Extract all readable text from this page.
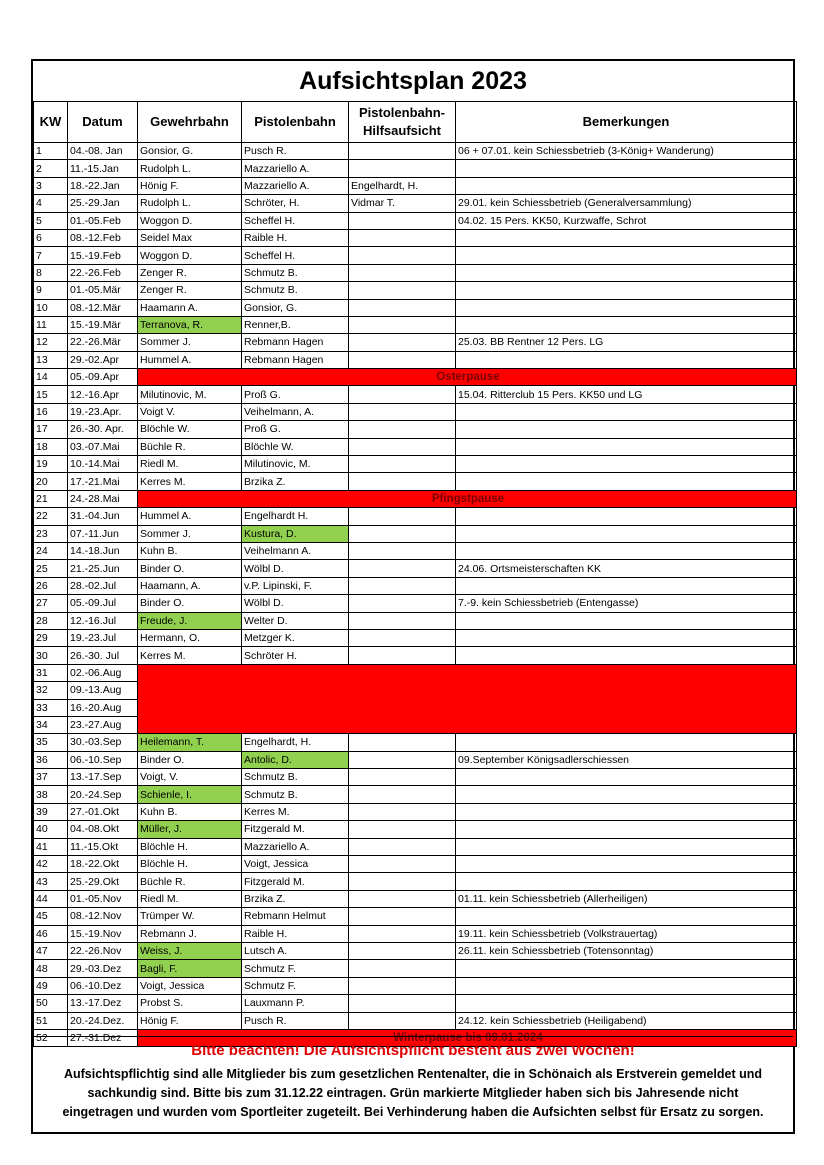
Aufsichtsplan 2023
KW	Datum	Gewehrbahn	Pistolenbahn	Pistolenbahn-
Hilfsaufsicht	Bemerkungen
1	04.-08. Jan	Gonsior, G.	Pusch R.		06 + 07.01. kein Schiessbetrieb (3-König+ Wanderung)
2	11.-15.Jan	Rudolph L.	Mazzariello A.		
3	18.-22.Jan	Hönig F.	Mazzariello A.	Engelhardt, H.	
4	25.-29.Jan	Rudolph L.	Schröter, H.	Vidmar T.	29.01. kein Schiessbetrieb (Generalversammlung)
5	01.-05.Feb	Woggon D.	Scheffel H.		04.02. 15 Pers. KK50, Kurzwaffe, Schrot
6	08.-12.Feb	Seidel Max	Raible H.		
7	15.-19.Feb	Woggon D.	Scheffel H.		
8	22.-26.Feb	Zenger R.	Schmutz B.		
9	01.-05.Mär	Zenger R.	Schmutz B.		
10	08.-12.Mär	Haamann A.	Gonsior, G.		
11	15.-19.Mär	Terranova, R.	Renner,B.		
12	22.-26.Mär	Sommer J.	Rebmann Hagen		25.03. BB Rentner 12 Pers. LG
13	29.-02.Apr	Hummel A.	Rebmann Hagen		
14	05.-09.Apr	Osterpause			
15	12.-16.Apr	Milutinovic, M.	Proß G.		15.04. Ritterclub 15 Pers. KK50 und LG
16	19.-23.Apr.	Voigt V.	Veihelmann, A.		
17	26.-30. Apr.	Blöchle W.	Proß G.		
18	03.-07.Mai	Büchle R.	Blöchle W.		
19	10.-14.Mai	Riedl M.	Milutinovic, M.		
20	17.-21.Mai	Kerres M.	Brzika Z.		
21	24.-28.Mai	Pfingstpause			
22	31.-04.Jun	Hummel A.	Engelhardt H.		
23	07.-11.Jun	Sommer J.	Kustura, D.		
24	14.-18.Jun	Kuhn B.	Veihelmann A.		
25	21.-25.Jun	Binder O.	Wölbl D.		24.06. Ortsmeisterschaften KK
26	28.-02.Jul	Haamann, A.	v.P. Lipinski, F.		
27	05.-09.Jul	Binder O.	Wölbl D.		7.-9. kein Schiessbetrieb (Entengasse)
28	12.-16.Jul	Freude, J.	Welter D.		
29	19.-23.Jul	Hermann, O.	Metzger K.		
30	26.-30. Jul	Kerres M.	Schröter H.		
31	02.-06.Aug				
32	09.-13.Aug				
33	16.-20.Aug				
34	23.-27.Aug				
35	30.-03.Sep	Heilemann, T.	Engelhardt, H.		
36	06.-10.Sep	Binder O.	Antolic, D.		09.September Königsadlerschiessen
37	13.-17.Sep	Voigt, V.	Schmutz B.		
38	20.-24.Sep	Schienle, I.	Schmutz B.		
39	27.-01.Okt	Kuhn B.	Kerres M.		
40	04.-08.Okt	Müller, J.	Fitzgerald M.		
41	11.-15.Okt	Blöchle H.	Mazzariello A.		
42	18.-22.Okt	Blöchle H.	Voigt, Jessica		
43	25.-29.Okt	Büchle R.	Fitzgerald M.		
44	01.-05.Nov	Riedl M.	Brzika Z.		01.11. kein Schiessbetrieb (Allerheiligen)
45	08.-12.Nov	Trümper W.	Rebmann Helmut		
46	15.-19.Nov	Rebmann J.	Raible H.		19.11. kein Schiessbetrieb (Volkstrauertag)
47	22.-26.Nov	Weiss, J.	Lutsch A.		26.11. kein Schiessbetrieb (Totensonntag)
48	29.-03.Dez	Bagli, F.	Schmutz F.		
49	06.-10.Dez	Voigt, Jessica	Schmutz F.		
50	13.-17.Dez	Probst S.	Lauxmann P.		
51	20.-24.Dez.	Hönig F.	Pusch R.		24.12. kein Schiessbetrieb (Heiligabend)
52	27.-31.Dez	Winterpause bis 09.01.2024			
Bitte beachten! Die Aufsichtspflicht besteht aus zwei Wochen!
Aufsichtspflichtig sind alle Mitglieder bis zum gesetzlichen Rentenalter, die in Schönaich als Erstverein gemeldet und sachkundig sind. Bitte bis zum 31.12.22 eintragen. Grün markierte Mitglieder haben sich bis Jahresende nicht eingetragen und wurden vom Sportleiter zugeteilt. Bei Verhinderung haben die Aufsichten selbst für Ersatz zu sorgen.
